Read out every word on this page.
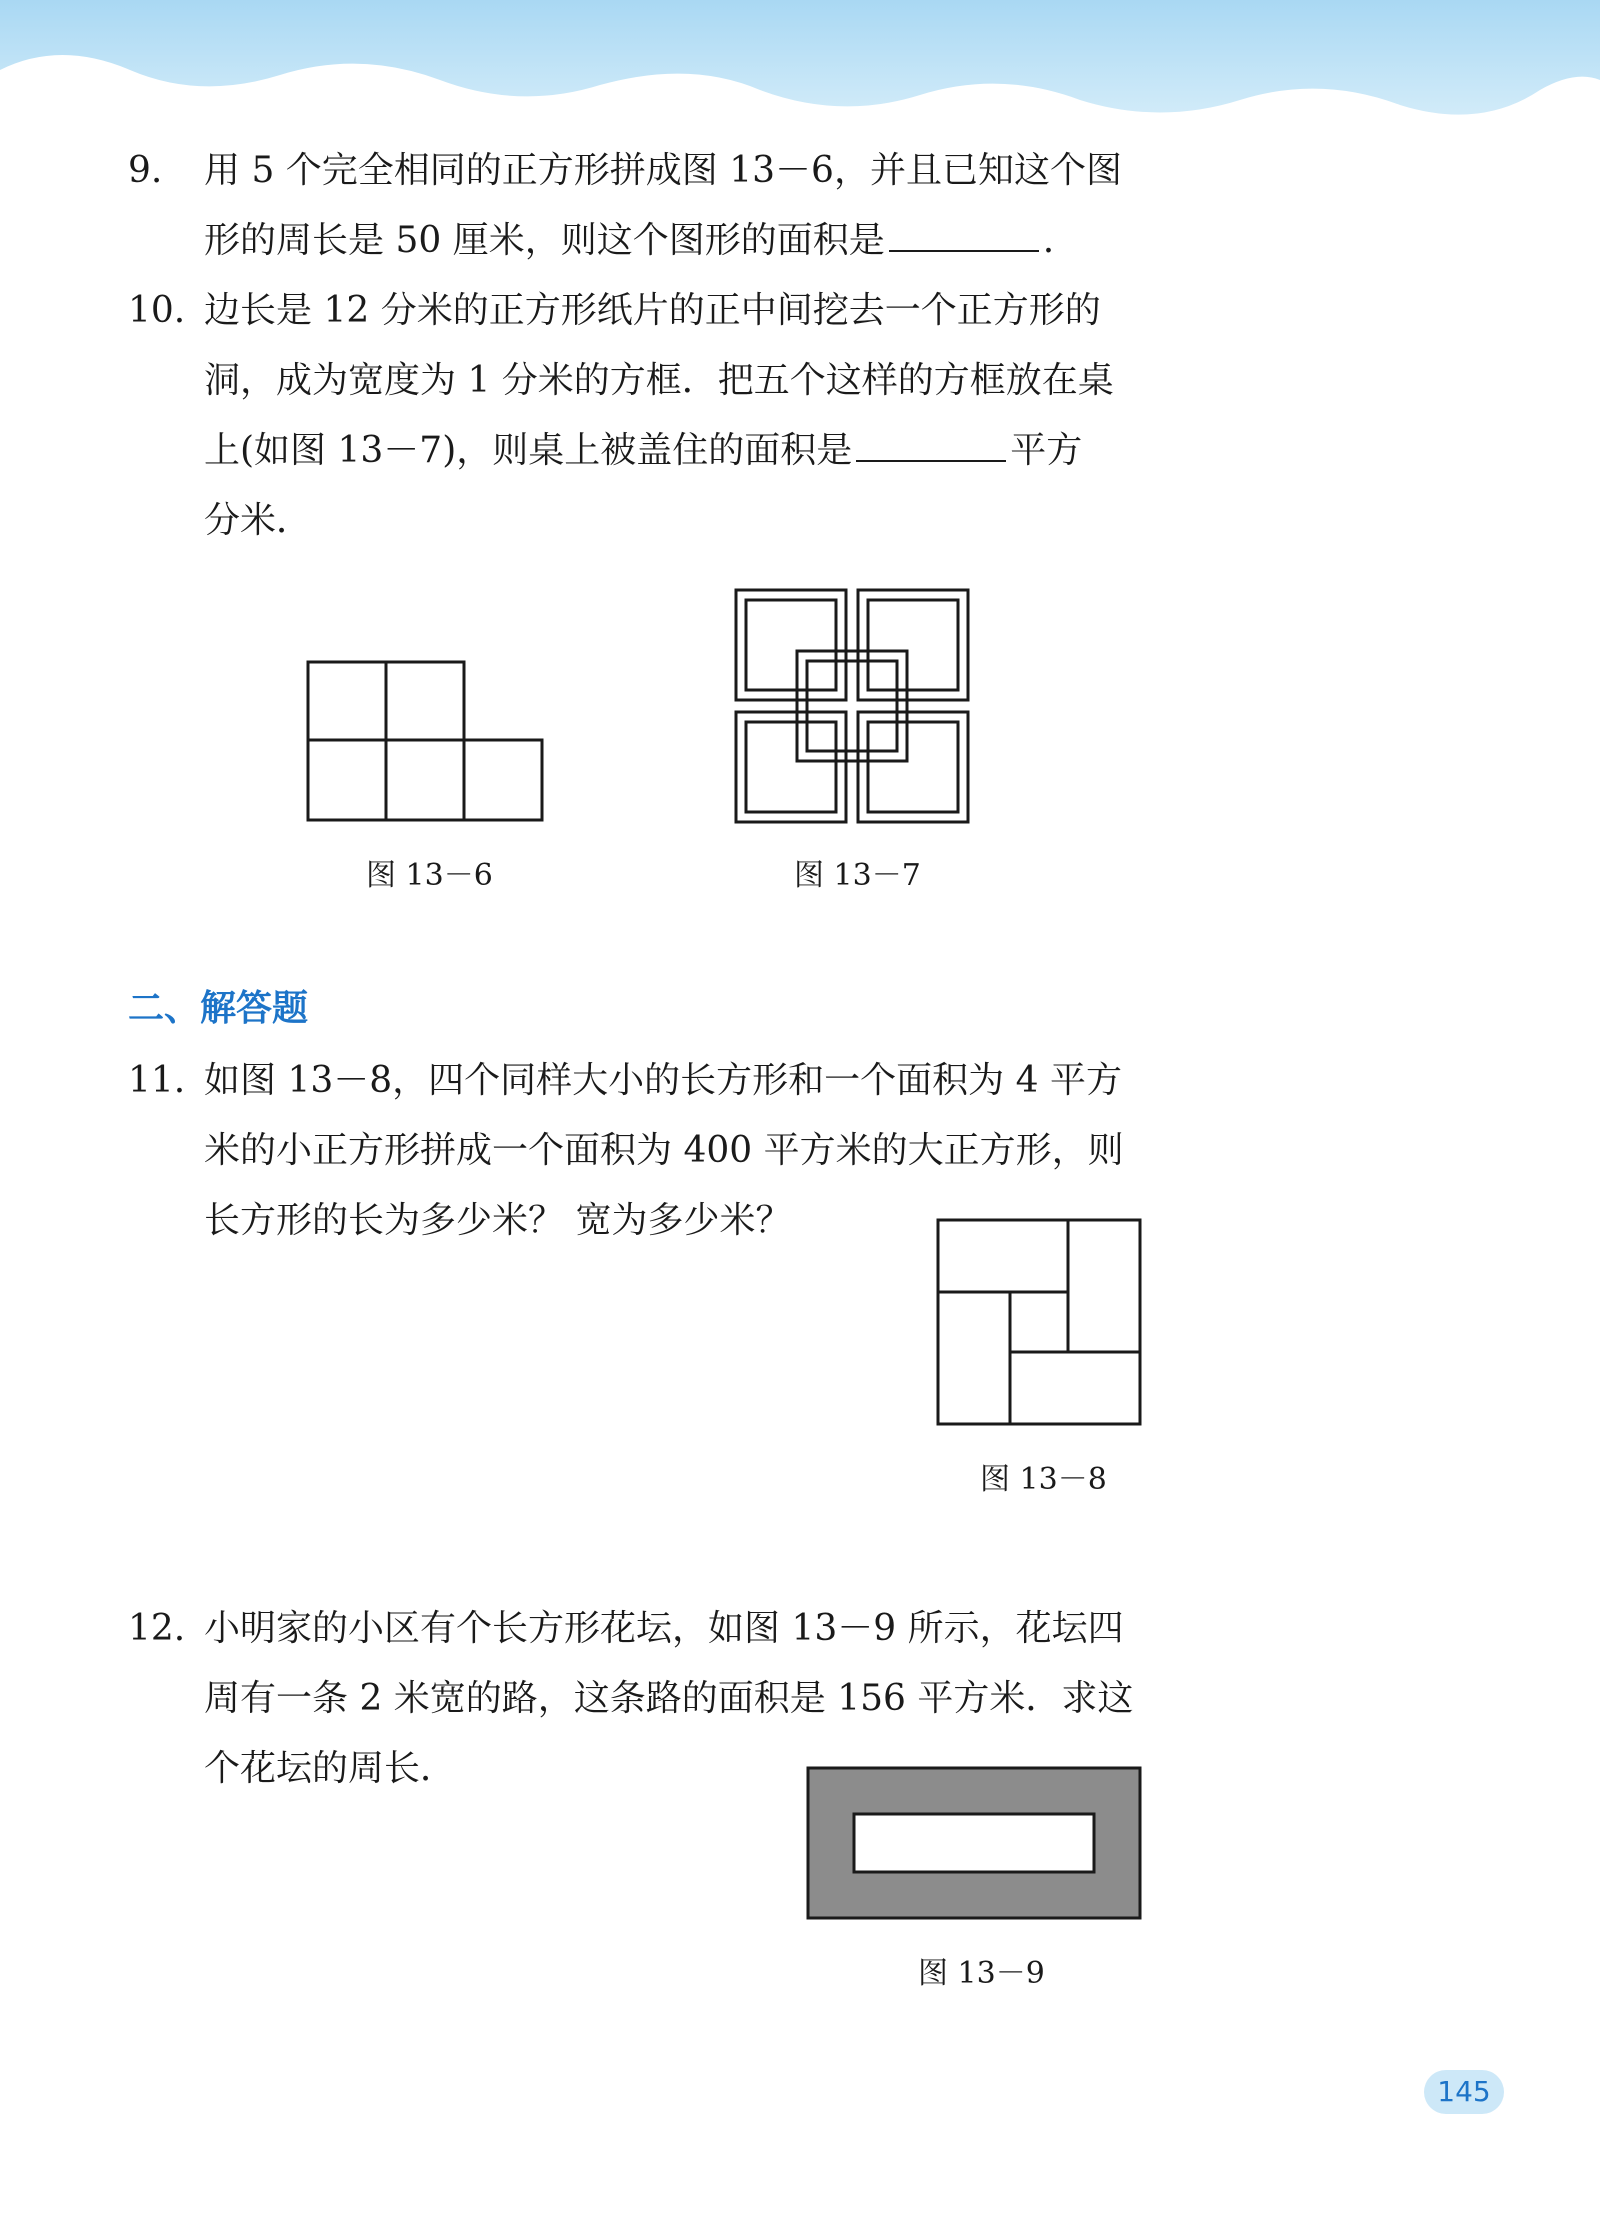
9. 用 5 个完全相同的正方形拼成图 13－6，并且已知这个图
形的周长是 50 厘米，则这个图形的面积是	.
10. 边长是 12 分米的正方形纸片的正中间挖去一个正方形的
洞，成为宽度为 1 分米的方框．把五个这样的方框放在桌
上(如图 13－7)，则桌上被盖住的面积是	平方
分米．
图 13－6	图 13－7
二、解答题
11. 如图 13－8，四个同样大小的长方形和一个面积为 4 平方
米的小正方形拼成一个面积为 400 平方米的大正方形，则
长方形的长为多少米？ 宽为多少米？
图 13－8
12. 小明家的小区有个长方形花坛，如图 13－9 所示，花坛四
周有一条 2 米宽的路，这条路的面积是 156 平方米．求这
个花坛的周长．
图 13－9
145
